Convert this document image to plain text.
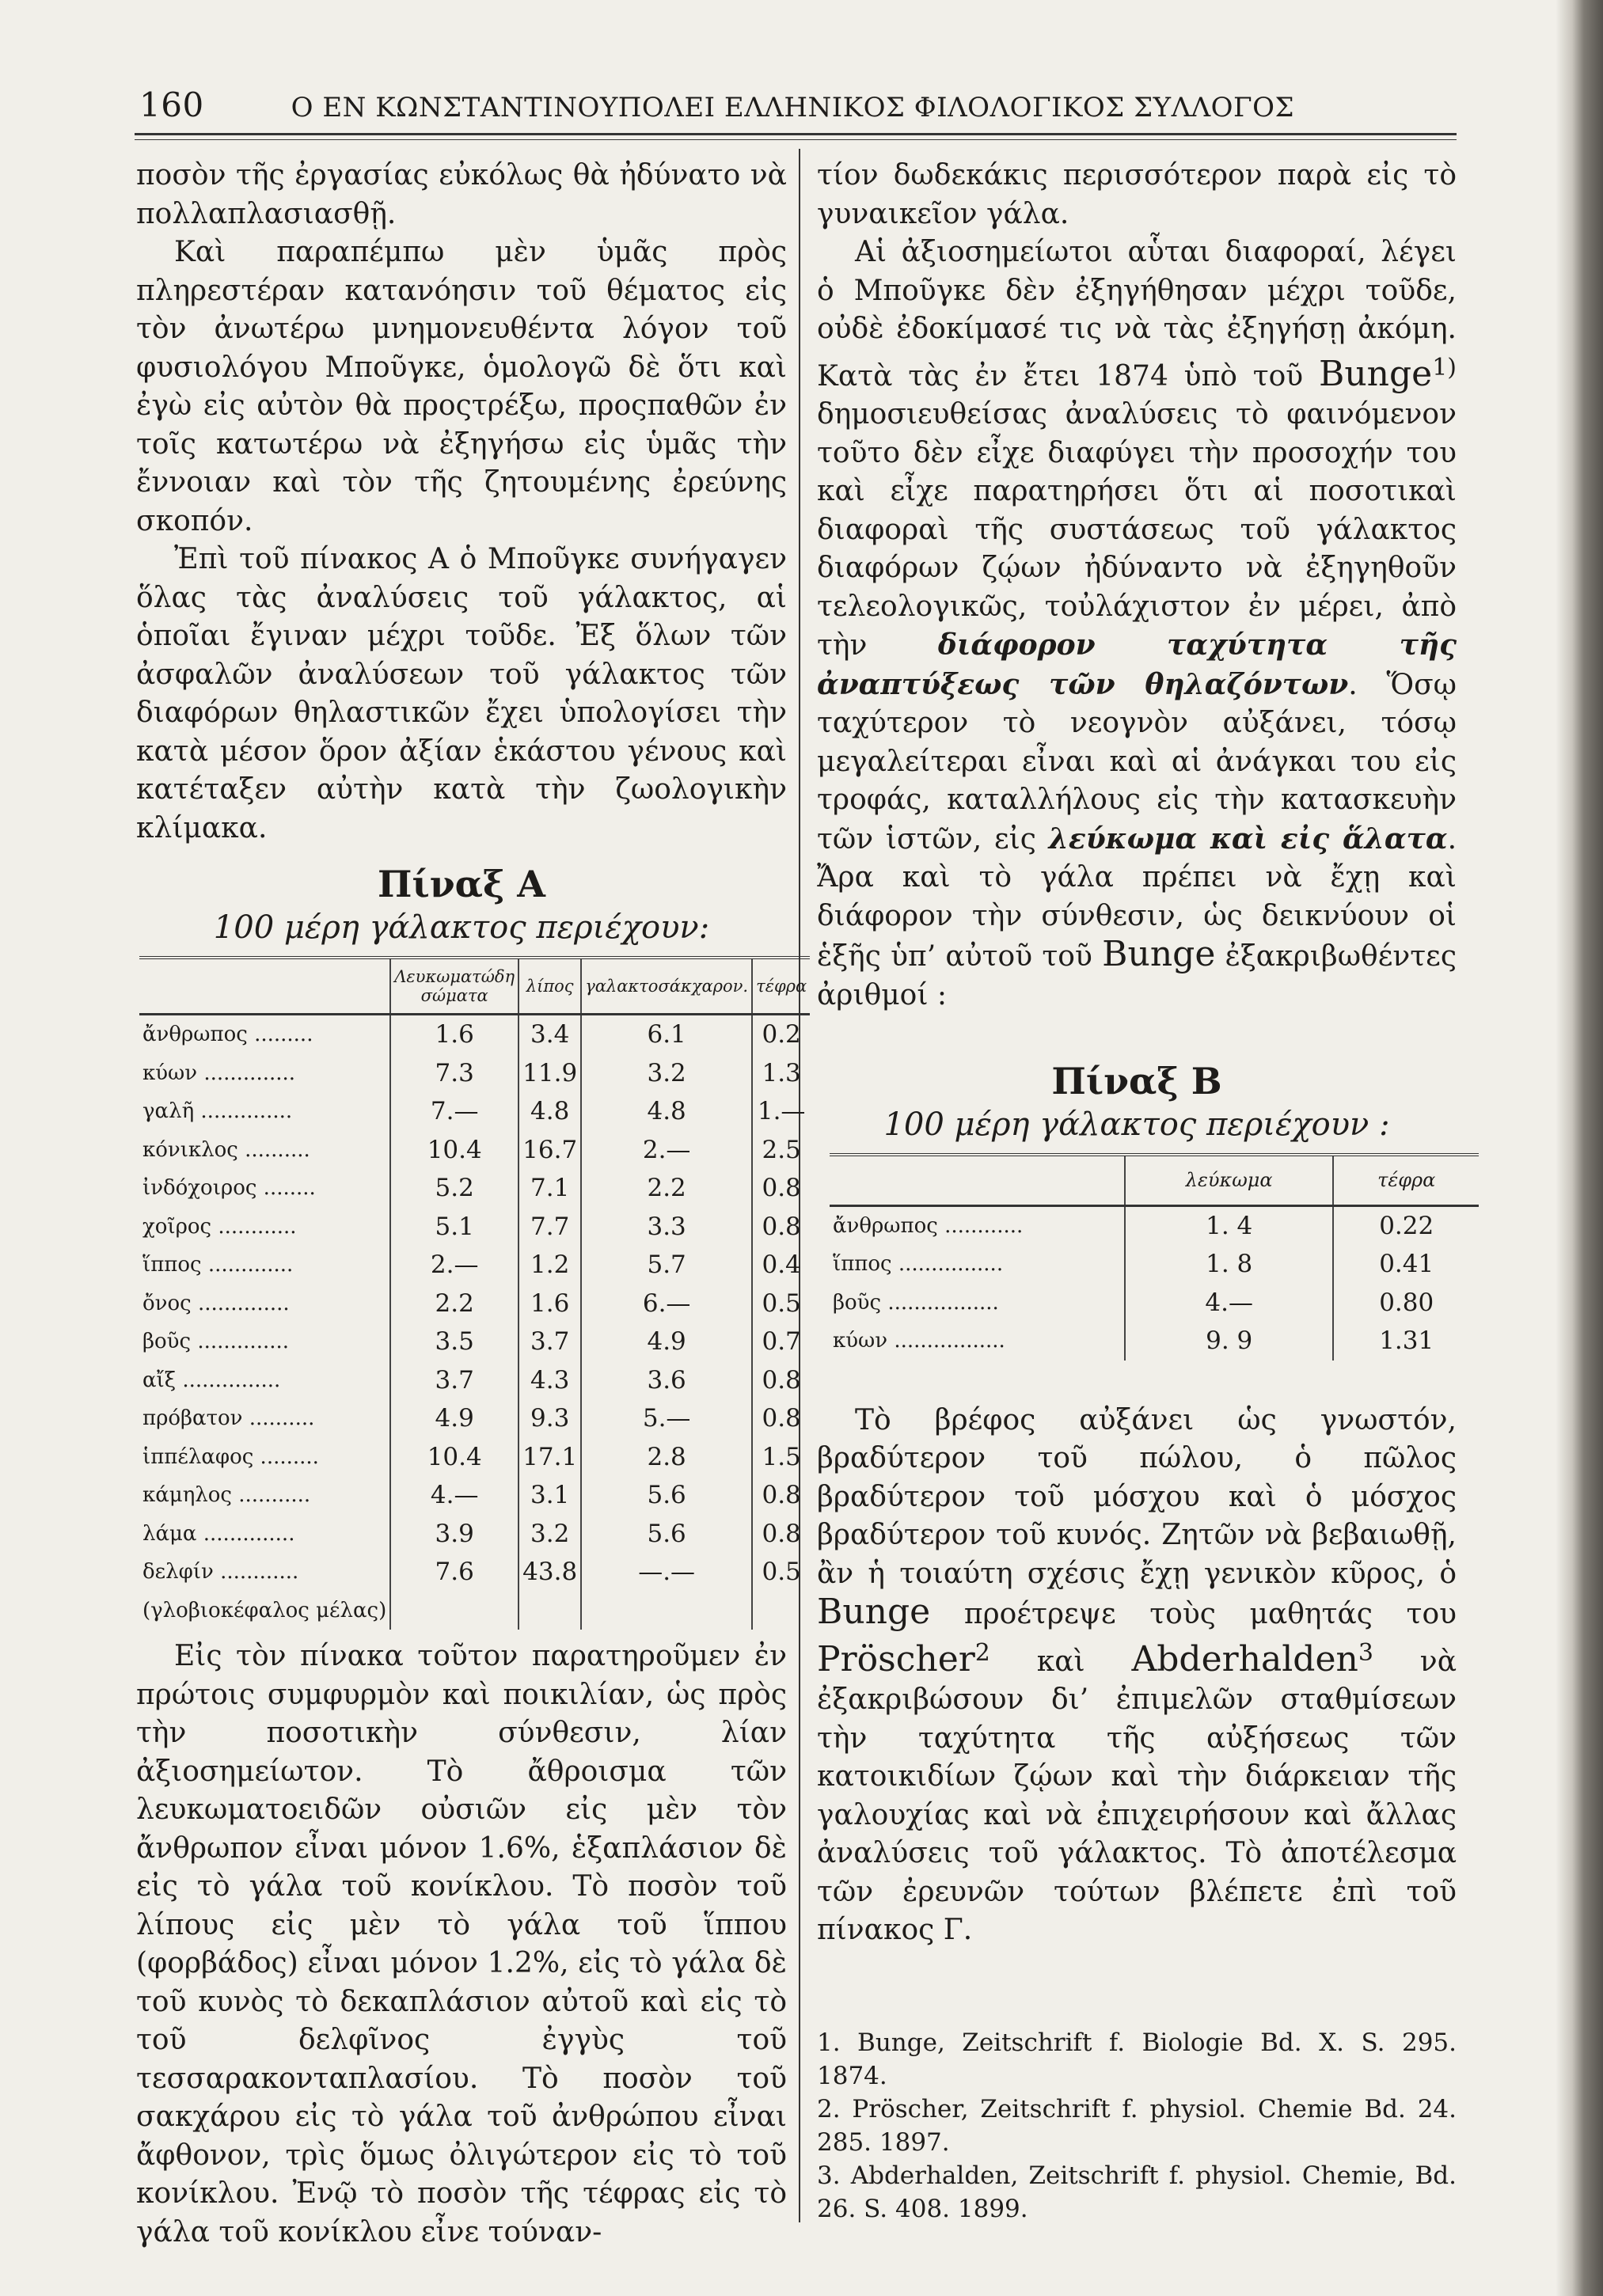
160	Ο ΕΝ ΚΩΝΣΤΑΝΤΙΝΟΥΠΟΛΕΙ ΕΛΛΗΝΙΚΟΣ ΦΙΛΟΛΟΓΙΚΟΣ ΣΥΛΛΟΓΟΣ

ποσὸν τῆς ἐργασίας εὐκόλως θὰ ἠδύνατο νὰ πολλαπλασιασθῇ.

Καὶ παραπέμπω μὲν ὑμᾶς πρὸς πληρεστέραν κατανόησιν τοῦ θέματος εἰς τὸν ἀνωτέρω μνημονευθέντα λόγον τοῦ φυσιολόγου Μποῦγκε, ὁμολογῶ δὲ ὅτι καὶ ἐγὼ εἰς αὐτὸν θὰ προςτρέξω, προςπαθῶν ἐν τοῖς κατωτέρω νὰ ἐξηγήσω εἰς ὑμᾶς τὴν ἔννοιαν καὶ τὸν τῆς ζητουμένης ἐρεύνης σκοπόν.

Ἐπὶ τοῦ πίνακος Α ὁ Μποῦγκε συνήγαγεν ὅλας τὰς ἀναλύσεις τοῦ γάλακτος, αἱ ὁποῖαι ἔγιναν μέχρι τοῦδε. Ἐξ ὅλων τῶν ἀσφαλῶν ἀναλύσεων τοῦ γάλακτος τῶν διαφόρων θηλαστικῶν ἔχει ὑπολογίσει τὴν κατὰ μέσον ὅρον ἀξίαν ἑκάστου γένους καὶ κατέταξεν αὐτὴν κατὰ τὴν ζωολογικὴν κλίμακα.

Πίναξ Α
100 μέρη γάλακτος περιέχουν:
	Λευκωματώδη σώματα	λίπος	γαλακτοσάκχαρον.	τέφρα
ἄνθρωπος .........	1.6	3.4	6.1	0.2
κύων ..............	7.3	11.9	3.2	1.3
γαλῆ ..............	7.—	4.8	4.8	1.—
κόνικλος ..........	10.4	16.7	2.—	2.5
ἰνδόχοιρος ........	5.2	7.1	2.2	0.8
χοῖρος ............	5.1	7.7	3.3	0.8
ἵππος .............	2.—	1.2	5.7	0.4
ὄνος ..............	2.2	1.6	6.—	0.5
βοῦς ..............	3.5	3.7	4.9	0.7
αἴξ ...............	3.7	4.3	3.6	0.8
πρόβατον ..........	4.9	9.3	5.—	0.8
ἱππέλαφος .........	10.4	17.1	2.8	1.5
κάμηλος ...........	4.—	3.1	5.6	0.8
λάμα ..............	3.9	3.2	5.6	0.8
δελφίν ............	7.6	43.8	—.—	0.5
(γλοβιοκέφαλος μέλας)				

Εἰς τὸν πίνακα τοῦτον παρατηροῦμεν ἐν πρώτοις συμφυρμὸν καὶ ποικιλίαν, ὡς πρὸς τὴν ποσοτικὴν σύνθεσιν, λίαν ἀξιοσημείωτον. Τὸ ἄθροισμα τῶν λευκωματοειδῶν οὐσιῶν εἰς μὲν τὸν ἄνθρωπον εἶναι μόνον 1.6%, ἑξαπλάσιον δὲ εἰς τὸ γάλα τοῦ κονίκλου. Τὸ ποσὸν τοῦ λίπους εἰς μὲν τὸ γάλα τοῦ ἵππου (φορβάδος) εἶναι μόνον 1.2%, εἰς τὸ γάλα δὲ τοῦ κυνὸς τὸ δεκαπλάσιον αὐτοῦ καὶ εἰς τὸ τοῦ δελφῖνος ἐγγὺς τοῦ τεσσαρακονταπλασίου. Τὸ ποσὸν τοῦ σακχάρου εἰς τὸ γάλα τοῦ ἀνθρώπου εἶναι ἄφθονον, τρὶς ὅμως ὀλιγώτερον εἰς τὸ τοῦ κονίκλου. Ἐνῷ τὸ ποσὸν τῆς τέφρας εἰς τὸ γάλα τοῦ κονίκλου εἶνε τούναν-

τίον δωδεκάκις περισσότερον παρὰ εἰς τὸ γυναικεῖον γάλα.

Αἱ ἀξιοσημείωτοι αὗται διαφοραί, λέγει ὁ Μποῦγκε δὲν ἐξηγήθησαν μέχρι τοῦδε, οὐδὲ ἐδοκίμασέ τις νὰ τὰς ἐξηγήσῃ ἀκόμη. Κατὰ τὰς ἐν ἔτει 1874 ὑπὸ τοῦ Bunge$^{1)}$ δημοσιευθείσας ἀναλύσεις τὸ φαινόμενον τοῦτο δὲν εἶχε διαφύγει τὴν προσοχήν του καὶ εἶχε παρατηρήσει ὅτι αἱ ποσοτικαὶ διαφοραὶ τῆς συστάσεως τοῦ γάλακτος διαφόρων ζῴων ἠδύναντο νὰ ἐξηγηθοῦν τελεολογικῶς, τοὐλάχιστον ἐν μέρει, ἀπὸ τὴν διάφορον ταχύτητα τῆς ἀναπτύξεως τῶν θηλαζόντων. Ὅσῳ ταχύτερον τὸ νεογνὸν αὐξάνει, τόσῳ μεγαλείτεραι εἶναι καὶ αἱ ἀνάγκαι του εἰς τροφάς, καταλλήλους εἰς τὴν κατασκευὴν τῶν ἱστῶν, εἰς λεύκωμα καὶ εἰς ἅλατα. Ἄρα καὶ τὸ γάλα πρέπει νὰ ἔχῃ καὶ διάφορον τὴν σύνθεσιν, ὡς δεικνύουν οἱ ἑξῆς ὑπ’ αὐτοῦ τοῦ Bunge ἐξακριβωθέντες ἀριθμοί :

Πίναξ Β
100 μέρη γάλακτος περιέχουν :
	λεύκωμα	τέφρα
ἄνθρωπος ............	1. 4	0.22
ἵππος ................	1. 8	0.41
βοῦς .................	4.—	0.80
κύων .................	9. 9	1.31

Τὸ βρέφος αὐξάνει ὡς γνωστόν, βραδύτερον τοῦ πώλου, ὁ πῶλος βραδύτερον τοῦ μόσχου καὶ ὁ μόσχος βραδύτερον τοῦ κυνός. Ζητῶν νὰ βεβαιωθῇ, ἂν ἡ τοιαύτη σχέσις ἔχῃ γενικὸν κῦρος, ὁ Bunge προέτρεψε τοὺς μαθητάς του Pröscher$^2$ καὶ Abderhalden$^3$ νὰ ἐξακριβώσουν δι’ ἐπιμελῶν σταθμίσεων τὴν ταχύτητα τῆς αὐξήσεως τῶν κατοικιδίων ζῴων καὶ τὴν διάρκειαν τῆς γαλουχίας καὶ νὰ ἐπιχειρήσουν καὶ ἄλλας ἀναλύσεις τοῦ γάλακτος. Τὸ ἀποτέλεσμα τῶν ἐρευνῶν τούτων βλέπετε ἐπὶ τοῦ πίνακος Γ.

1. Bunge, Zeitschrift f. Biologie Bd. X. S. 295. 1874.

2. Pröscher, Zeitschrift f. physiol. Chemie Bd. 24. 285. 1897.

3. Abderhalden, Zeitschrift f. physiol. Chemie, Bd. 26. S. 408. 1899.
